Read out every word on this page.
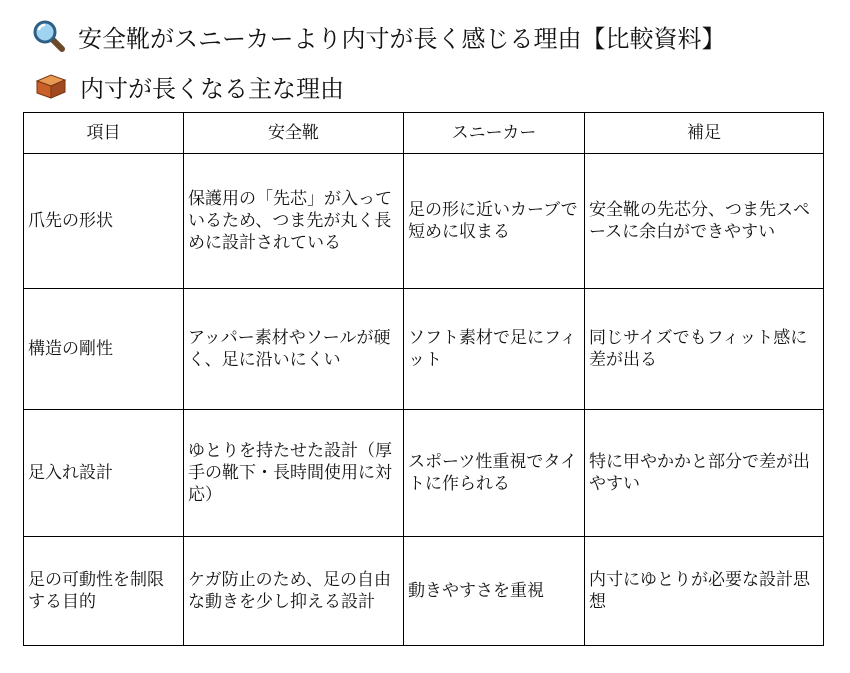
安全靴がスニーカーより内寸が長く感じる理由【比較資料】
内寸が長くなる主な理由
項目	安全靴	スニーカー	補足
爪先の形状	保護用の「先芯」が入っているため、つま先が丸く長めに設計されている	足の形に近いカーブで短めに収まる	安全靴の先芯分、つま先スペースに余白ができやすい
構造の剛性	アッパー素材やソールが硬く、足に沿いにくい	ソフト素材で足にフィット	同じサイズでもフィット感に差が出る
足入れ設計	ゆとりを持たせた設計（厚手の靴下・長時間使用に対応）	スポーツ性重視でタイトに作られる	特に甲やかかと部分で差が出やすい
足の可動性を制限する目的	ケガ防止のため、足の自由な動きを少し抑える設計	動きやすさを重視	内寸にゆとりが必要な設計思想
